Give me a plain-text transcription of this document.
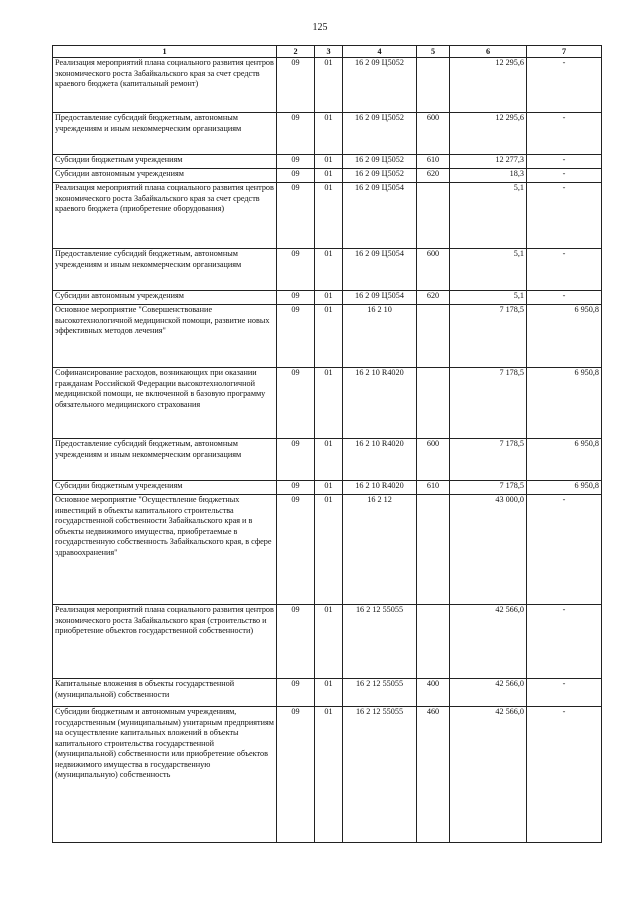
125
1	2	3	4	5	6	7
Реализация мероприятий плана социального развития центров экономического роста Забайкальского края за счет средств краевого бюджета (капитальный ремонт)	09	01	16 2 09 Ц5052		12 295,6	-
Предоставление субсидий бюджетным, автономным учреждениям и иным некоммерческим организациям	09	01	16 2 09 Ц5052	600	12 295,6	-
Субсидии бюджетным учреждениям	09	01	16 2 09 Ц5052	610	12 277,3	-
Субсидии автономным учреждениям	09	01	16 2 09 Ц5052	620	18,3	-
Реализация мероприятий плана социального развития центров экономического роста Забайкальского края за счет средств краевого бюджета (приобретение оборудования)	09	01	16 2 09 Ц5054		5,1	-
Предоставление субсидий бюджетным, автономным учреждениям и иным некоммерческим организациям	09	01	16 2 09 Ц5054	600	5,1	-
Субсидии автономным учреждениям	09	01	16 2 09 Ц5054	620	5,1	-
Основное мероприятие "Совершенствование высокотехнологичной медицинской помощи, развитие новых эффективных методов лечения"	09	01	16 2 10		7 178,5	6 950,8
Софинансирование расходов, возникающих при оказании гражданам Российской Федерации высокотехнологичной медицинской помощи, не включенной в базовую программу обязательного медицинского страхования	09	01	16 2 10 R4020		7 178,5	6 950,8
Предоставление субсидий бюджетным, автономным учреждениям и иным некоммерческим организациям	09	01	16 2 10 R4020	600	7 178,5	6 950,8
Субсидии бюджетным учреждениям	09	01	16 2 10 R4020	610	7 178,5	6 950,8
Основное мероприятие "Осуществление бюджетных инвестиций в объекты капитального строительства государственной собственности Забайкальского края и в объекты недвижимого имущества, приобретаемые в государственную собственность Забайкальского края, в сфере здравоохранения"	09	01	16 2 12		43 000,0	-
Реализация мероприятий плана социального развития центров экономического роста Забайкальского края (строительство и приобретение объектов государственной собственности)	09	01	16 2 12 55055		42 566,0	-
Капитальные вложения в объекты государственной (муниципальной) собственности	09	01	16 2 12 55055	400	42 566,0	-
Субсидии бюджетным и автономным учреждениям, государственным (муниципальным) унитарным предприятиям на осуществление капитальных вложений в объекты капитального строительства государственной (муниципальной) собственности или приобретение объектов недвижимого имущества в государственную (муниципальную) собственность	09	01	16 2 12 55055	460	42 566,0	-
